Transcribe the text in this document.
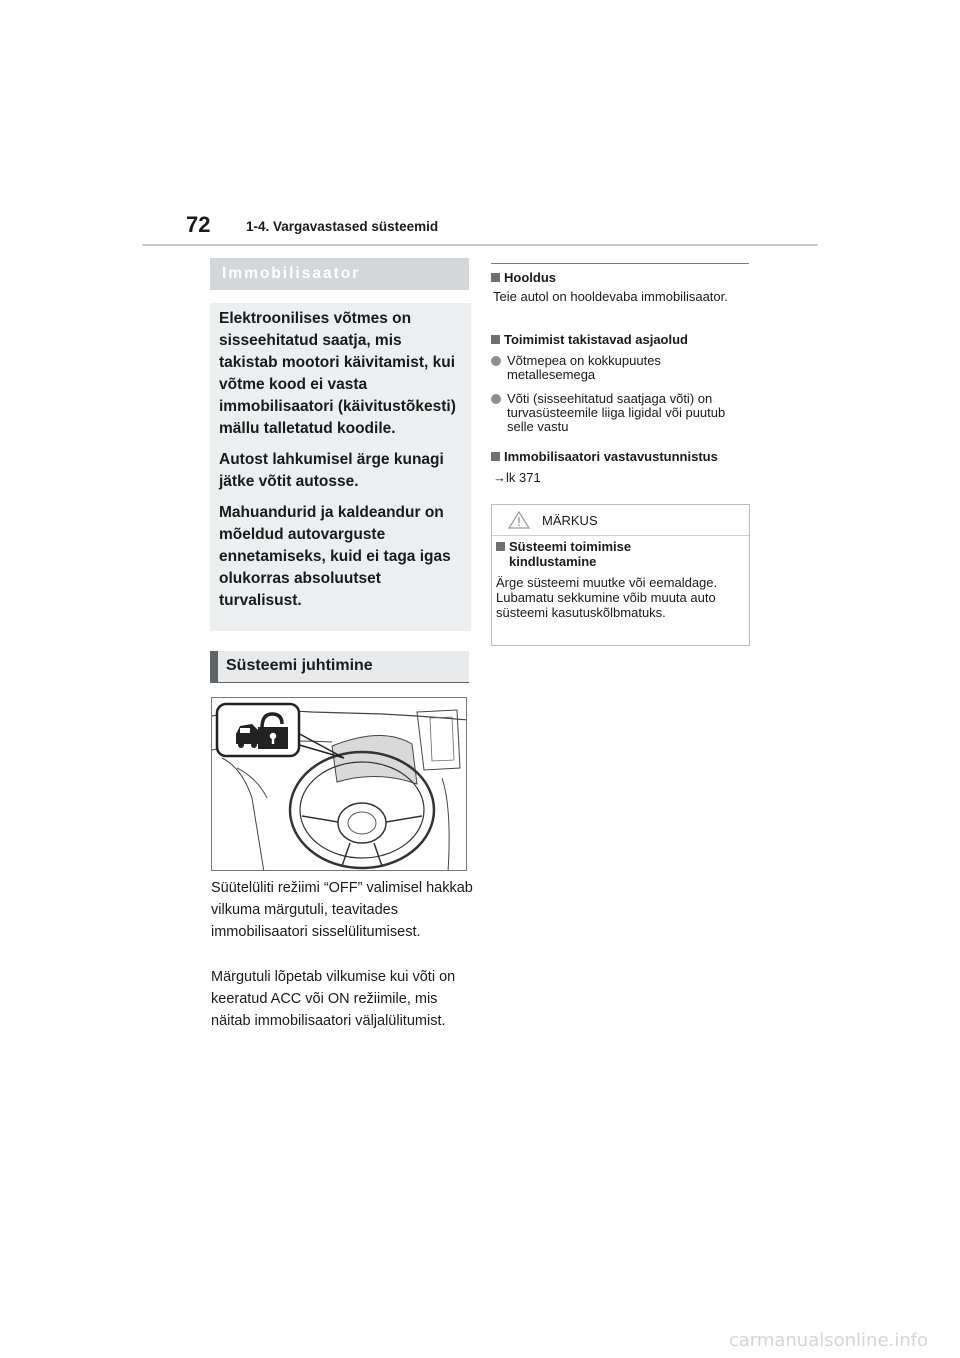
72	1-4. Vargavastased süsteemid
Immobilisaator

Elektroonilises võtmes on sisseehitatud saatja, mis takistab mootori käivitamist, kui võtme kood ei vasta immobilisaatori (käivitustõkesti) mällu talletatud koodile.

Autost lahkumisel ärge kunagi jätke võtit autosse.

Mahuandurid ja kaldeandur on mõeldud autovarguste ennetamiseks, kuid ei taga igas olukorras absoluutset turvalisust.

Süsteemi juhtimine

Süütelüliti režiimi “OFF” valimisel hakkab vilkuma märgutuli, teavitades immobilisaatori sisselülitumisest.

Märgutuli lõpetab vilkumise kui võti on keeratud ACC või ON režiimile, mis näitab immobilisaatori väljalülitumist.

Hooldus
Teie autol on hooldevaba immobilisaator.
Toimimist takistavad asjaolud
Võtmepea on kokkupuutes metallesemega
Võti (sisseehitatud saatjaga võti) on turvasüsteemile liiga ligidal või puutub selle vastu
Immobilisaatori vastavustunnistus
→lk 371
MÄRKUS
Süsteemi toimimise kindlustamine
Ärge süsteemi muutke või eemaldage. Lubamatu sekkumine võib muuta auto süsteemi kasutuskõlbmatuks.
carmanualsonline.info
